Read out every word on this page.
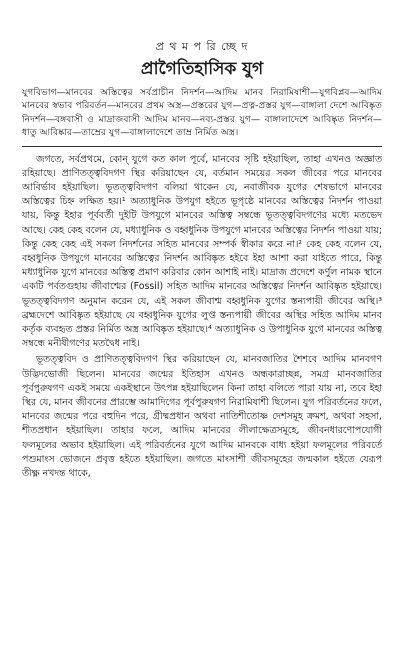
প্র থ ম প রি চ্ছে দ
প্রাগৈতিহাসিক যুগ

যুগবিভাগ—মানবের অস্তিত্বের সর্বপ্রাচীন নিদর্শন—আদিম মানব নিরামিষাশী—যুগবিপ্লব—আদিম মানবের স্বভাব পরিবর্তন—মানবের প্রথম অস্ত্র—প্রস্তরের যুগ—প্রত্ন-প্রস্তর যুগ—বাঙ্গালা দেশে আবিষ্কৃত নিদর্শন—বঙ্গবাসী ও মাদ্রাজবাসী আদিম মানব—নব্য-প্রস্তর যুগ— বাঙ্গালাদেশে আবিষ্কৃত নিদর্শন—ধাতু আবিষ্কার—তাম্রের যুগ—বাঙ্গালাদেশে তাম্র নির্মিত অস্ত্র।

জগতে, সর্বপ্রথমে, কোন্ যুগে কত কাল পূর্বে, মানবের সৃষ্টি হইয়াছিল, তাহা এখনও অজ্ঞাত রহিয়াছে। প্রাণিতত্ত্ববিদগণ স্থির করিয়াছেন যে, বর্তমান সময়ের সকল জীবের পরে মানবের আবির্ভাব হইয়াছিল। ভূতত্ত্ববিদগণ বলিয়া থাকেন যে, নবাজীবক যুগের শেষভাগে মানবের অস্তিত্বের চিহ্ন লক্ষিত হয়।¹ অত্যাধুনিক উপযুগ হইতে ভূপৃষ্ঠে মানবের অস্তিত্বের নিদর্শন পাওয়া যায়, কিন্তু ইহার পূর্ববর্তী দুইটি উপযুগে মানবের অস্তিত্ব সম্বন্ধে ভূতত্ত্ববিদগণের মধ্যে মতভেদ আছে। কেহ কেহ বলেন যে, মধ্যাধুনিক ও বহ্বধুনিক উপযুগে মানবের অস্তিত্বের নিদর্শন পাওয়া যায়; কিন্তু কেহ কেহ এই সকল নিদর্শনের সহিত মানবের সম্পর্ক স্বীকার করে না।² কেহ কেহ বলেন যে, বহ্বধুনিক উপযুগে মানবের অস্তিত্বের নিদর্শন আবিষ্কৃত হইবে ইহা আশা করা যাইতে পারে, কিন্তু মধ্যাধুনিক যুগে মানবের অস্তিত্ব প্রমাণ করিবার কোন আশাই নাই। মাদ্রাজ প্রদেশে কর্ণুল নামক স্থানে একটি পর্বতগুহায় জীবাশ্মের (Fossil) সহিত আদিম মানবের অস্তিত্বের নিদর্শন আবিষ্কৃত হইয়াছে। ভূতত্ত্ববিদগণ অনুমান করেন যে, এই সকল জীবাশ্ম বহ্বধুনিক যুগের স্তন্যপায়ী জীবের অস্থি।³ ব্রহ্মদেশে আবিষ্কৃত হইয়াছে যে বহ্বধুনিক যুগের লুপ্ত স্তন্যপায়ী জীবের অস্থির সহিত আদিম মানব কর্তৃক ব্যবহৃত প্রস্তর নির্মিত অস্ত্র আবিষ্কৃত হইয়াছে।⁴ অত্যাধুনিক ও উপাধুনিক যুগে মানবের অস্তিত্ব সম্বন্ধে মনীষীগণের মতদ্বৈধ নাই।

ভূতত্ত্ববিদ ও প্রাণিতত্ত্ববিদগণ স্থির করিয়াছেন যে, মানবজাতির শৈশবে আদিম মানবগণ উদ্ভিদভোজী ছিলেন। মানবের জন্মের ইতিহাস এখনও অন্ধকারাচ্ছন্ন, সমগ্র মানবজাতির পূর্বপুরুষগণ একই সময়ে একইস্থানে উৎপন্ন হইয়াছিলেন কিনা তাহা বলিতে পারা যায় না, তবে ইহা স্থির যে, মানব জীবনের প্রারম্ভে আমাদিগের পূর্বপুরুষগণ নিরামিষাশী ছিলেন। যুগ পরিবর্তনের ফলে, মানবের জন্মের পরে বহুদিন পরে, গ্রীষ্মপ্রধান অথবা নাতিশীতোষ্ণ দেশসমূহ ক্রমশ, অথবা সহসা, শীতপ্রধান হইয়াছিল। তাহার ফলে, আদিম মানবের লীলাক্ষেত্রসমূহে, জীবনধারণোপযোগী ফলমূলের অভাব হইয়াছিল। এই পরিবর্তনের যুগে আদিম মানবকে বাধ্য হইয়া ফলমূলের পরিবর্তে পশুমাংস ভোজনে প্রবৃত্ত হইতে হইয়াছিল। জগতে মাংসাশী জীবসমূহের জন্মকাল হইতে যেরূপ তীক্ষ্ণ নখদন্ত থাকে,
